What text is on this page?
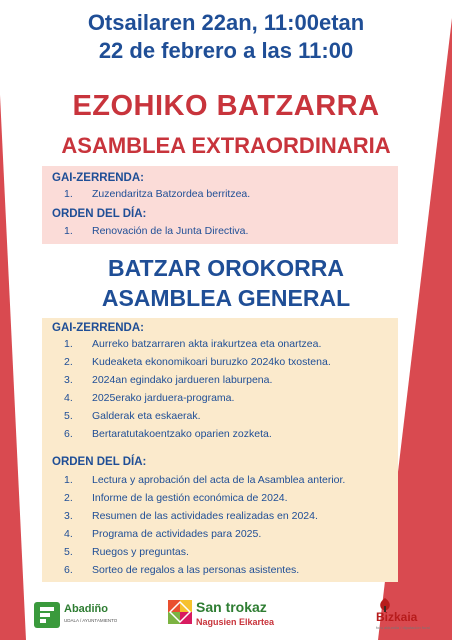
Otsailaren 22an, 11:00etan
22 de febrero a las 11:00
EZOHIKO BATZARRA
ASAMBLEA EXTRAORDINARIA
GAI-ZERRENDA:
1. Zuzendaritza Batzordea berritzea.
ORDEN DEL DÍA:
1. Renovación de la Junta Directiva.
BATZAR OROKORRA
ASAMBLEA GENERAL
GAI-ZERRENDA:
1. Aurreko batzarraren akta irakurtzea eta onartzea.
2. Kudeaketa ekonomikoari buruzko 2024ko txostena.
3. 2024an egindako jardueren laburpena.
4. 2025erako jarduera-programa.
5. Galderak eta eskaerak.
6. Bertaratutakoentzako oparien zozketa.
ORDEN DEL DÍA:
1. Lectura y aprobación del acta de la Asamblea anterior.
2. Informe de la gestión económica de 2024.
3. Resumen de las actividades realizadas en 2024.
4. Programa de actividades para 2025.
5. Ruegos y preguntas.
6. Sorteo de regalos a las personas asistentes.
Abadiño
UDALA / AYUNTAMIENTO
San trokaz
Nagusien Elkartea	Bizkaia
foru aldundia / diputación foral
